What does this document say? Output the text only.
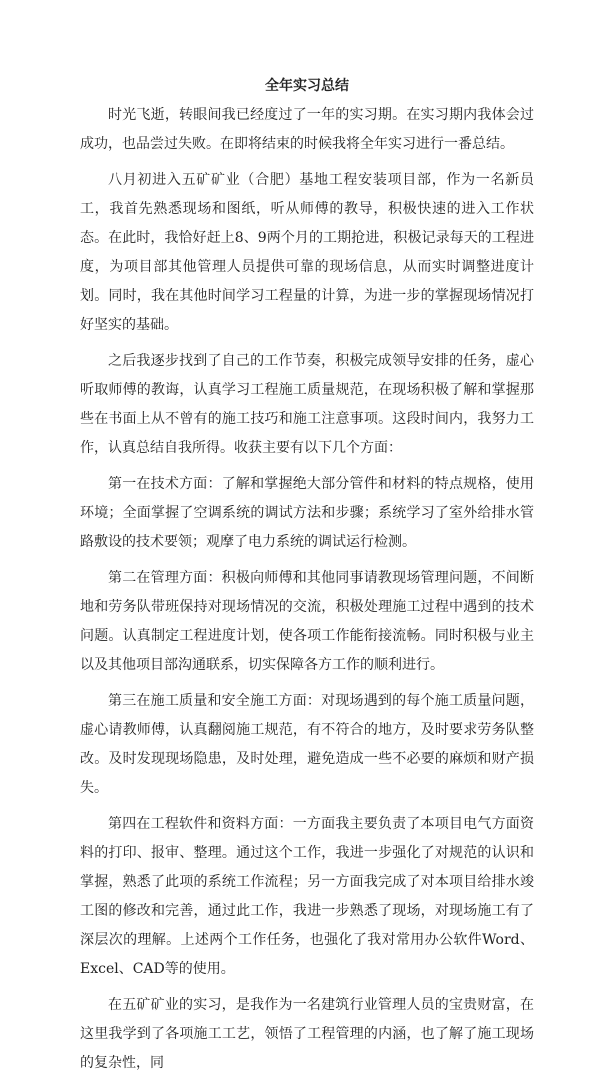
全年实习总结

时光飞逝，转眼间我已经度过了一年的实习期。在实习期内我体会过成功，也品尝过失败。在即将结束的时候我将全年实习进行一番总结。

八月初进入五矿矿业（合肥）基地工程安装项目部，作为一名新员工，我首先熟悉现场和图纸，听从师傅的教导，积极快速的进入工作状态。在此时，我恰好赶上8、9两个月的工期抢进，积极记录每天的工程进度，为项目部其他管理人员提供可靠的现场信息，从而实时调整进度计划。同时，我在其他时间学习工程量的计算，为进一步的掌握现场情况打好坚实的基础。

之后我逐步找到了自己的工作节奏，积极完成领导安排的任务，虚心听取师傅的教诲，认真学习工程施工质量规范，在现场积极了解和掌握那些在书面上从不曾有的施工技巧和施工注意事项。这段时间内，我努力工作，认真总结自我所得。收获主要有以下几个方面：

第一在技术方面：了解和掌握绝大部分管件和材料的特点规格，使用环境；全面掌握了空调系统的调试方法和步骤；系统学习了室外给排水管路敷设的技术要领；观摩了电力系统的调试运行检测。

第二在管理方面：积极向师傅和其他同事请教现场管理问题，不间断地和劳务队带班保持对现场情况的交流，积极处理施工过程中遇到的技术问题。认真制定工程进度计划，使各项工作能衔接流畅。同时积极与业主以及其他项目部沟通联系，切实保障各方工作的顺利进行。

第三在施工质量和安全施工方面：对现场遇到的每个施工质量问题，虚心请教师傅，认真翻阅施工规范，有不符合的地方，及时要求劳务队整改。及时发现现场隐患，及时处理，避免造成一些不必要的麻烦和财产损失。

第四在工程软件和资料方面：一方面我主要负责了本项目电气方面资料的打印、报审、整理。通过这个工作，我进一步强化了对规范的认识和掌握，熟悉了此项的系统工作流程；另一方面我完成了对本项目给排水竣工图的修改和完善，通过此工作，我进一步熟悉了现场，对现场施工有了深层次的理解。上述两个工作任务，也强化了我对常用办公软件Word、Excel、CAD等的使用。

在五矿矿业的实习，是我作为一名建筑行业管理人员的宝贵财富，在这里我学到了各项施工工艺，领悟了工程管理的内涵，也了解了施工现场的复杂性，同
